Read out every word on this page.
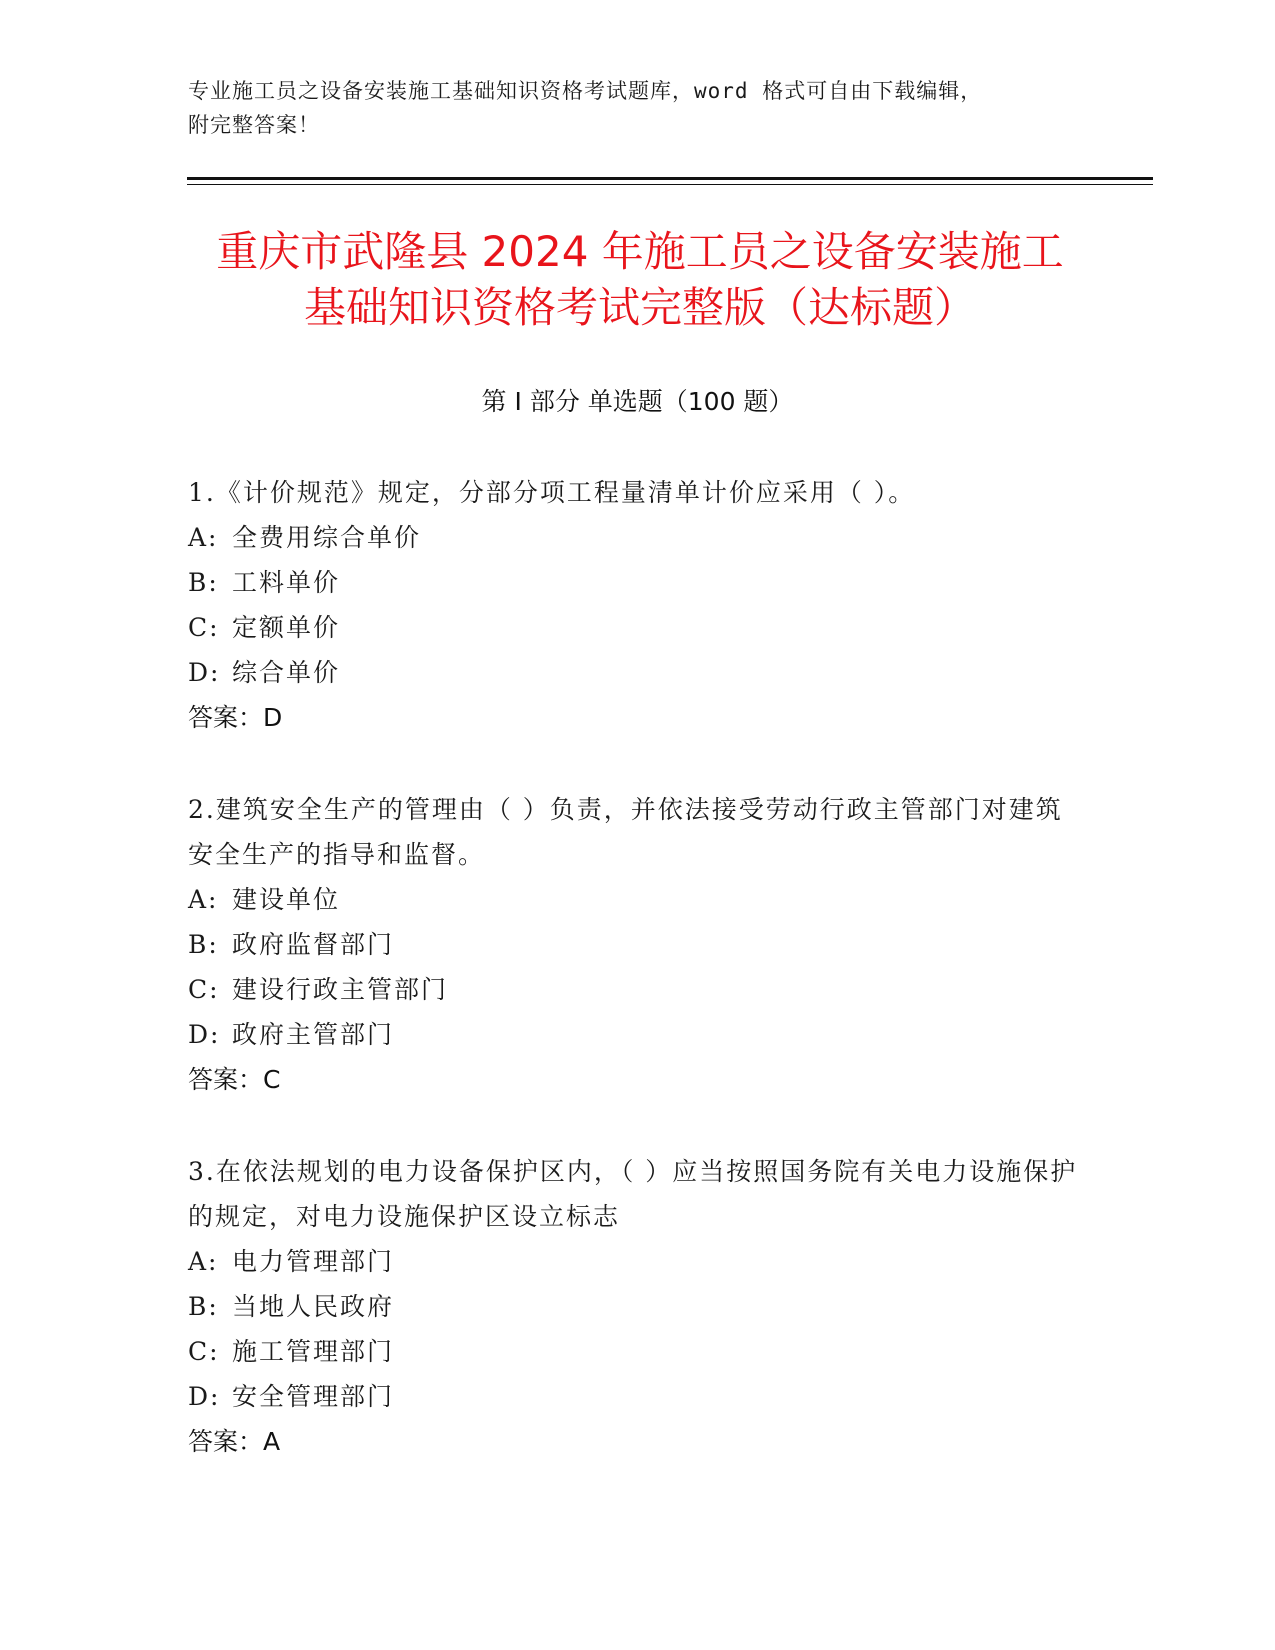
专业施工员之设备安装施工基础知识资格考试题库，word 格式可自由下载编辑，
附完整答案！
重庆市武隆县 2024 年施工员之设备安装施工
基础知识资格考试完整版（达标题）
第 I 部分 单选题（100 题）

1.《计价规范》规定，分部分项工程量清单计价应采用（ ）。

A: 全费用综合单价

B: 工料单价

C: 定额单价

D: 综合单价

答案：D

2.建筑安全生产的管理由（ ）负责，并依法接受劳动行政主管部门对建筑安全生产的指导和监督。

A: 建设单位

B: 政府监督部门

C: 建设行政主管部门

D: 政府主管部门

答案：C

3.在依法规划的电力设备保护区内，（ ）应当按照国务院有关电力设施保护的规定，对电力设施保护区设立标志

A: 电力管理部门

B: 当地人民政府

C: 施工管理部门

D: 安全管理部门

答案：A
